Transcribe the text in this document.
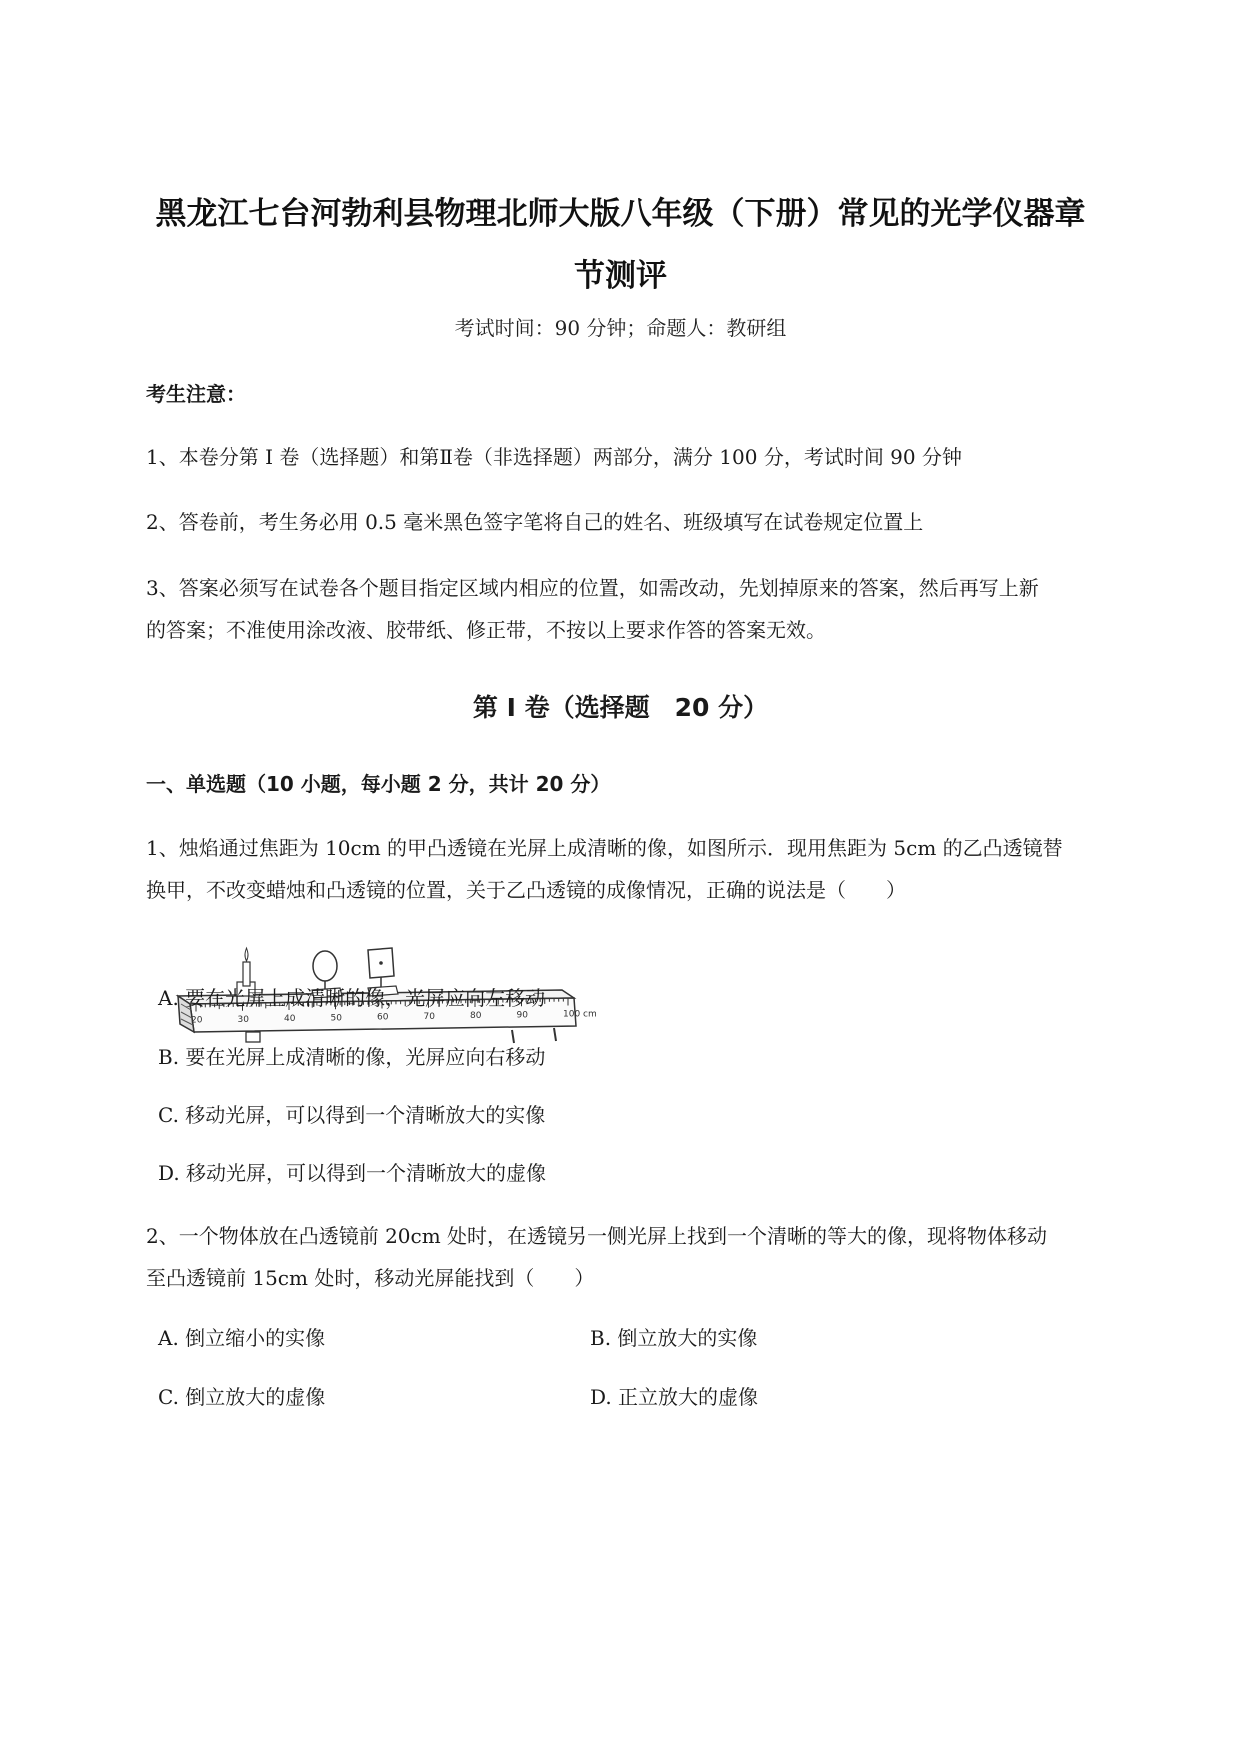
黑龙江七台河勃利县物理北师大版八年级（下册）常见的光学仪器章
节测评
考试时间：90 分钟；命题人：教研组
考生注意：
1、本卷分第 I 卷（选择题）和第Ⅱ卷（非选择题）两部分，满分 100 分，考试时间 90 分钟
2、答卷前，考生务必用 0.5 毫米黑色签字笔将自己的姓名、班级填写在试卷规定位置上
3、答案必须写在试卷各个题目指定区域内相应的位置，如需改动，先划掉原来的答案，然后再写上新
的答案；不准使用涂改液、胶带纸、修正带，不按以上要求作答的答案无效。
第 I 卷（选择题　20 分）
一、单选题（10 小题，每小题 2 分，共计 20 分）
1、烛焰通过焦距为 10cm 的甲凸透镜在光屏上成清晰的像，如图所示．现用焦距为 5cm 的乙凸透镜替
换甲，不改变蜡烛和凸透镜的位置，关于乙凸透镜的成像情况，正确的说法是（　　）
20	30	40	50	60	70	80	90	100 cm
A. 要在光屏上成清晰的像，光屏应向左移动
B. 要在光屏上成清晰的像，光屏应向右移动
C. 移动光屏，可以得到一个清晰放大的实像
D. 移动光屏，可以得到一个清晰放大的虚像
2、一个物体放在凸透镜前 20cm 处时，在透镜另一侧光屏上找到一个清晰的等大的像，现将物体移动
至凸透镜前 15cm 处时，移动光屏能找到（　　）
A. 倒立缩小的实像	B. 倒立放大的实像
C. 倒立放大的虚像	D. 正立放大的虚像
